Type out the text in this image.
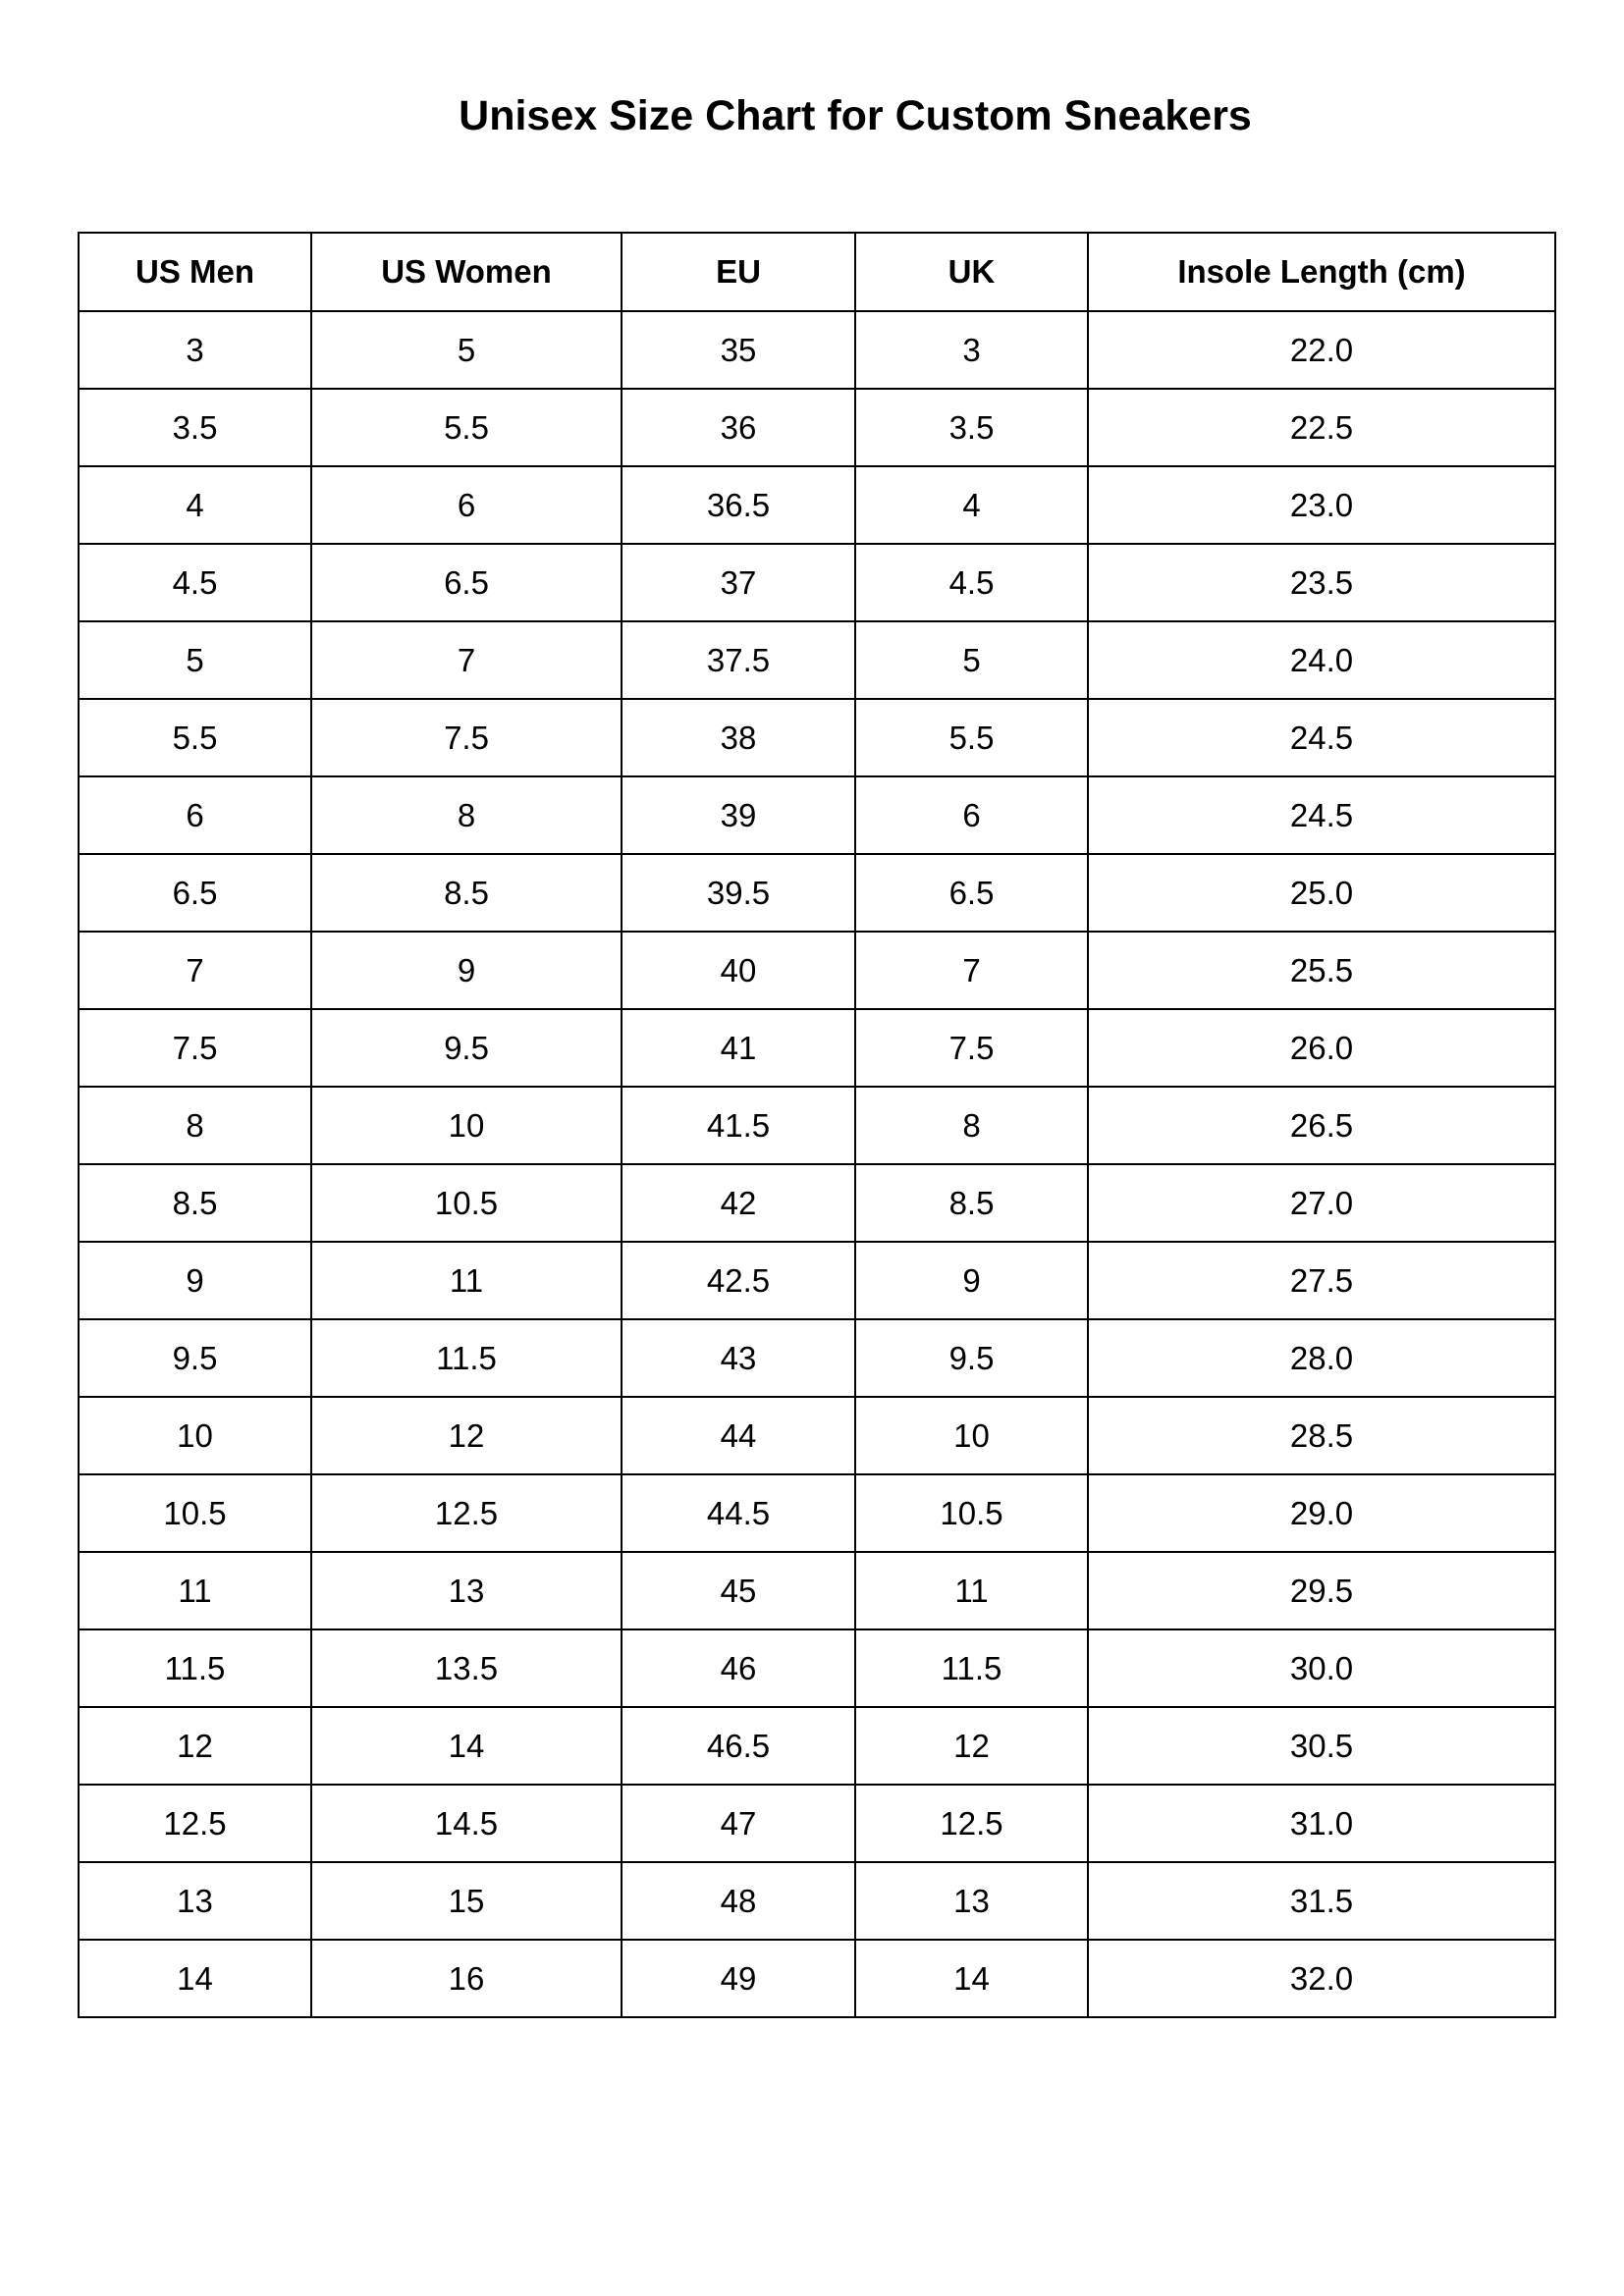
Unisex Size Chart for Custom Sneakers
US Men	US Women	EU	UK	Insole Length (cm)
3	5	35	3	22.0
3.5	5.5	36	3.5	22.5
4	6	36.5	4	23.0
4.5	6.5	37	4.5	23.5
5	7	37.5	5	24.0
5.5	7.5	38	5.5	24.5
6	8	39	6	24.5
6.5	8.5	39.5	6.5	25.0
7	9	40	7	25.5
7.5	9.5	41	7.5	26.0
8	10	41.5	8	26.5
8.5	10.5	42	8.5	27.0
9	11	42.5	9	27.5
9.5	11.5	43	9.5	28.0
10	12	44	10	28.5
10.5	12.5	44.5	10.5	29.0
11	13	45	11	29.5
11.5	13.5	46	11.5	30.0
12	14	46.5	12	30.5
12.5	14.5	47	12.5	31.0
13	15	48	13	31.5
14	16	49	14	32.0
